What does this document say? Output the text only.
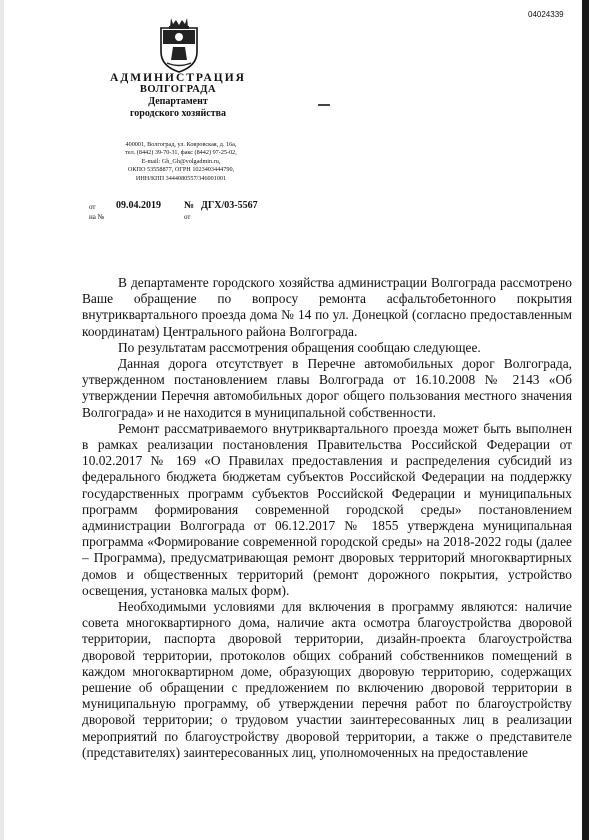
04024339
АДМИНИСТРАЦИЯ
ВОЛГОГРАДА
Департамент
городского хозяйства
400001, Волгоград, ул. Ковровская, д. 16а,
тел. (8442) 39-70-31, факс (8442) 97-25-02,
E-mail: Gh_Gh@volgadmin.ru,
ОКПО 53558877, ОГРН 1023403444790,
ИНН/КПП 3444080557/346001001
от 09.04.2019 № ДГХ/03-5567
на №	от

В департаменте городского хозяйства администрации Волгограда рассмотрено Ваше обращение по вопросу ремонта асфальтобетонного покрытия внутриквартального проезда дома № 14 по ул. Донецкой (согласно предоставленным координатам) Центрального района Волгограда.

По результатам рассмотрения обращения сообщаю следующее.

Данная дорога отсутствует в Перечне автомобильных дорог Волгограда, утвержденном постановлением главы Волгограда от 16.10.2008 № 2143 «Об утверждении Перечня автомобильных дорог общего пользования местного значения Волгограда» и не находится в муниципальной собственности.

Ремонт рассматриваемого внутриквартального проезда может быть выполнен в рамках реализации постановления Правительства Российской Федерации от 10.02.2017 № 169 «О Правилах предоставления и распределения субсидий из федерального бюджета бюджетам субъектов Российской Федерации на поддержку государственных программ субъектов Российской Федерации и муниципальных программ формирования современной городской среды» постановлением администрации Волгограда от 06.12.2017 № 1855 утверждена муниципальная программа «Формирование современной городской среды» на 2018-2022 годы (далее – Программа), предусматривающая ремонт дворовых территорий многоквартирных домов и общественных территорий (ремонт дорожного покрытия, устройство освещения, установка малых форм).

Необходимыми условиями для включения в программу являются: наличие совета многоквартирного дома, наличие акта осмотра благоустройства дворовой территории, паспорта дворовой территории, дизайн-проекта благоустройства дворовой территории, протоколов общих собраний собственников помещений в каждом многоквартирном доме, образующих дворовую территорию, содержащих решение об обращении с предложением по включению дворовой территории в муниципальную программу, об утверждении перечня работ по благоустройству дворовой территории; о трудовом участии заинтересованных лиц в реализации мероприятий по благоустройству дворовой территории, а также о представителе (представителях) заинтересованных лиц, уполномоченных на предоставление
